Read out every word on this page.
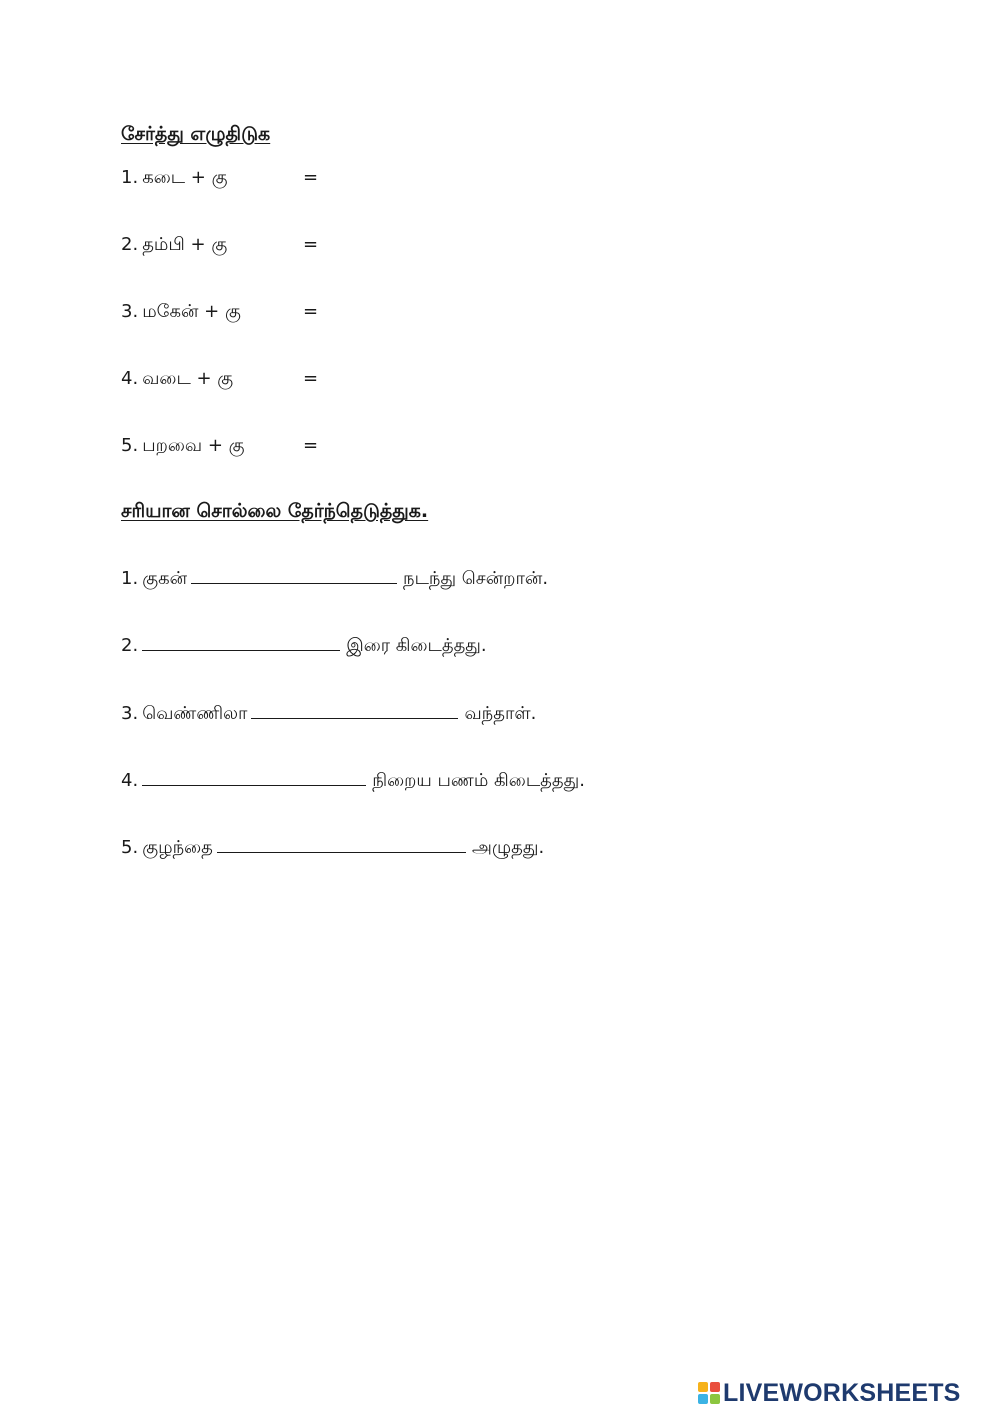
சேர்த்து எழுதிடுக
1. கடை + கு	=
2. தம்பி + கு	=
3. மகேன் + கு	=
4. வடை + கு	=
5. பறவை + கு	=
சரியான சொல்லை தேர்ந்தெடுத்துக.
1. குகன்	நடந்து சென்றான்.
2.	இரை கிடைத்தது.
3. வெண்ணிலா	வந்தாள்.
4.	நிறைய பணம் கிடைத்தது.
5. குழந்தை	அழுதது.
LIVEWORKSHEETS
